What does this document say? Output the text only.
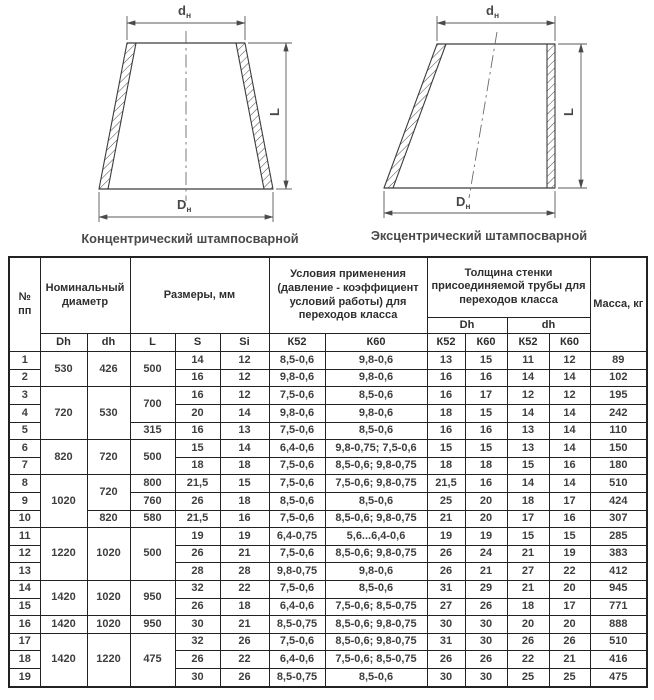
$d_н$
L
$D_н$
Концентрический штампосварной
$d_н$
L
$D_н$
Эксцентрический штампосварной
№ пп	Номинальный диаметр		Размеры, мм			Условия применения (давление - коэффициент условий работы) для переходов класса		Толщина стенки присоединяемой трубы для переходов класса				Масса, кг
								Dh		dh		
	Dh	dh	L	S	Si	К52	К60	К52	К60	К52	К60	
1	530	426	500	14	12	8,5-0,6	9,8-0,6	13	15	11	12	89
2				16	12	9,8-0,6	9,8-0,6	16	16	14	14	102
3	720	530	700	16	12	7,5-0,6	8,5-0,6	16	17	12	12	195
4				20	14	9,8-0,6	9,8-0,6	18	15	14	14	242
5			315	16	13	7,5-0,6	8,5-0,6	16	16	13	14	110
6	820	720	500	15	14	6,4-0,6	9,8-0,75; 7,5-0,6	15	15	13	14	150
7				18	18	7,5-0,6	8,5-0,6; 9,8-0,75	18	18	15	16	180
8	1020	720	800	21,5	15	7,5-0,6	7,5-0,6; 9,8-0,75	21,5	16	14	14	510
9			760	26	18	8,5-0,6	8,5-0,6	25	20	18	17	424
10		820	580	21,5	16	7,5-0,6	8,5-0,6; 9,8-0,75	21	20	17	16	307
11	1220	1020	500	19	19	6,4-0,75	5,6...6,4-0,6	19	19	15	15	285
12				26	21	7,5-0,6	8,5-0,6; 9,8-0,75	26	24	21	19	383
13				28	28	9,8-0,75	9,8-0,6	26	21	27	22	412
14	1420	1020	950	32	22	7,5-0,6	8,5-0,6	31	29	21	20	945
15				26	18	6,4-0,6	7,5-0,6; 8,5-0,75	27	26	18	17	771
16	1420	1020	950	30	21	8,5-0,75	8,5-0,6; 9,8-0,75	30	30	20	20	888
17	1420	1220	475	32	26	7,5-0,6	8,5-0,6; 9,8-0,75	31	30	26	26	510
18				26	22	6,4-0,6	7,5-0,6; 8,5-0,75	26	26	22	21	416
19				30	26	8,5-0,75	8,5-0,6	30	30	25	25	475
